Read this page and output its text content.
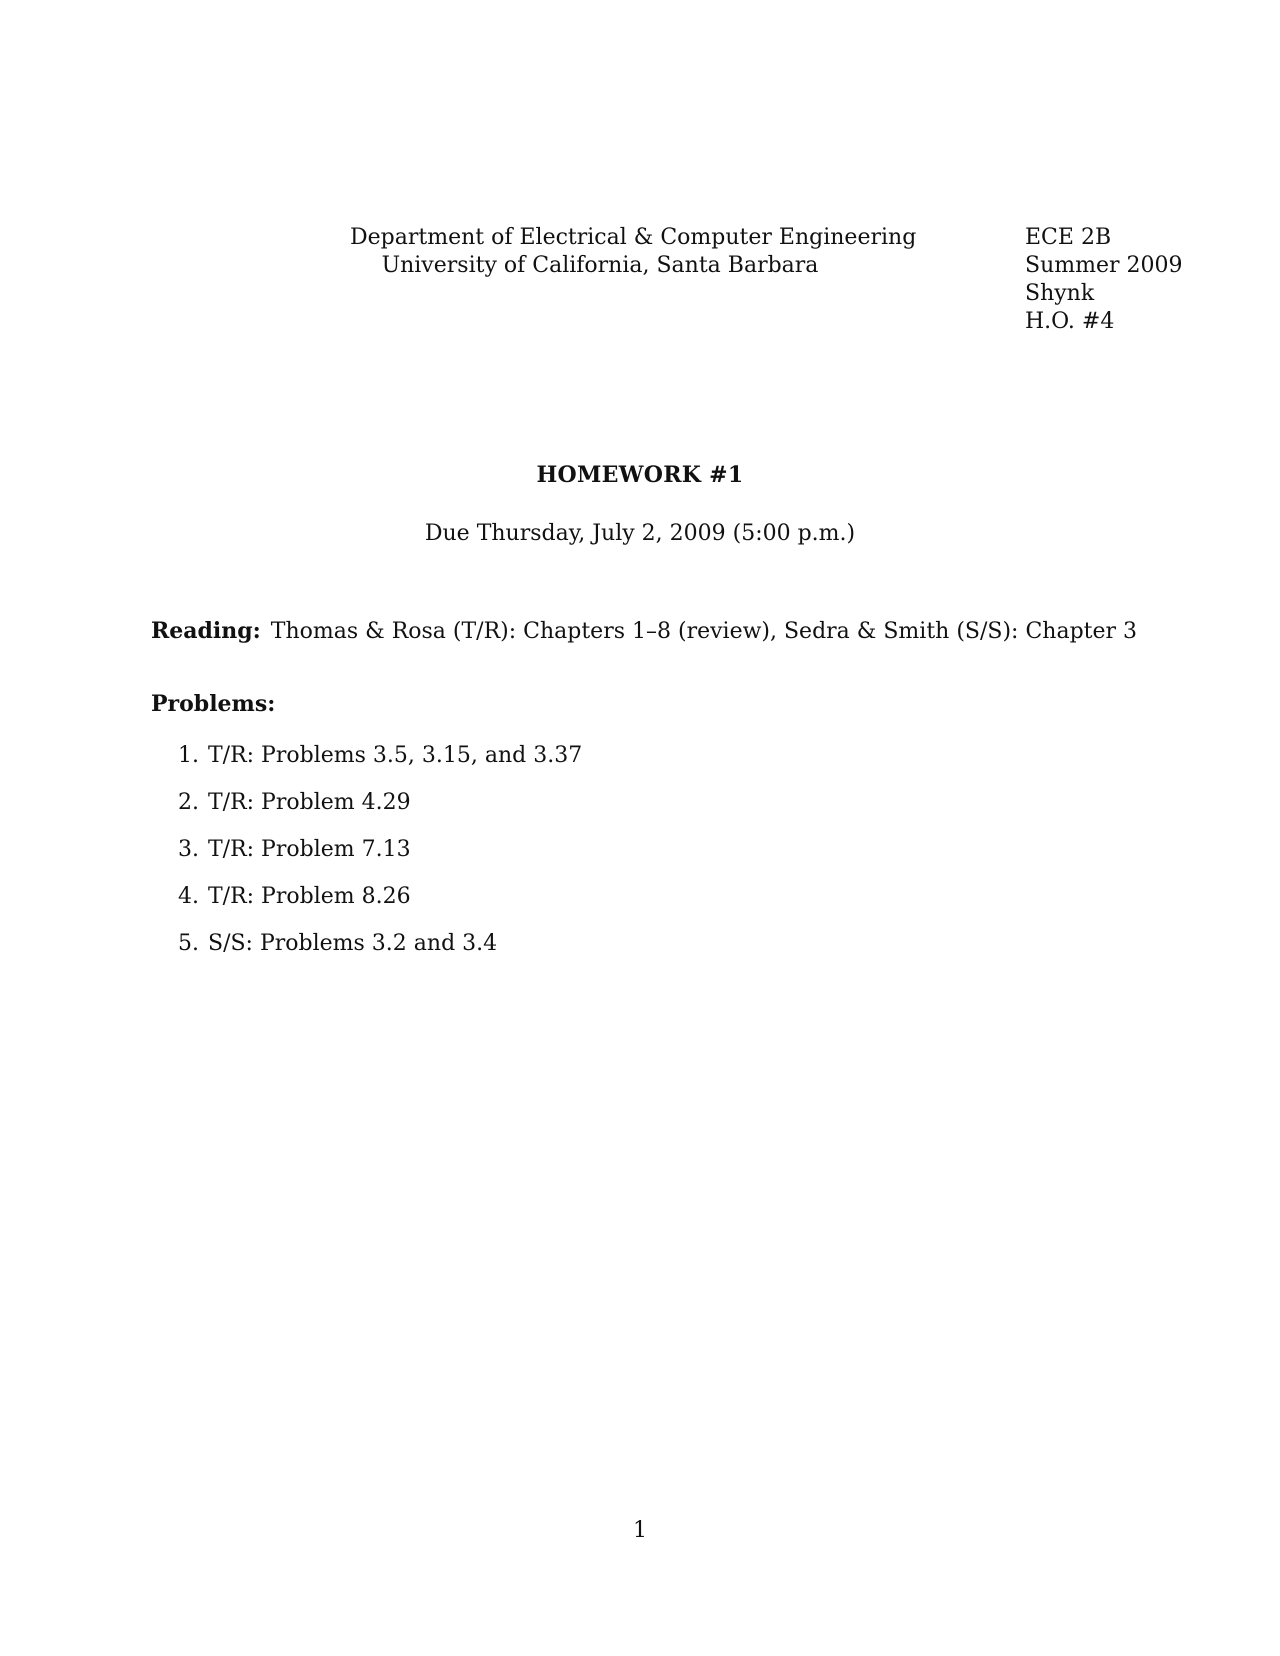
Department of Electrical & Computer Engineering
University of California, Santa Barbara
ECE 2B
Summer 2009
Shynk
H.O. #4
HOMEWORK #1
Due Thursday, July 2, 2009 (5:00 p.m.)
Reading: Thomas & Rosa (T/R): Chapters 1–8 (review), Sedra & Smith (S/S): Chapter 3
Problems:
1. T/R: Problems 3.5, 3.15, and 3.37
2. T/R: Problem 4.29
3. T/R: Problem 7.13
4. T/R: Problem 8.26
5. S/S: Problems 3.2 and 3.4
1
